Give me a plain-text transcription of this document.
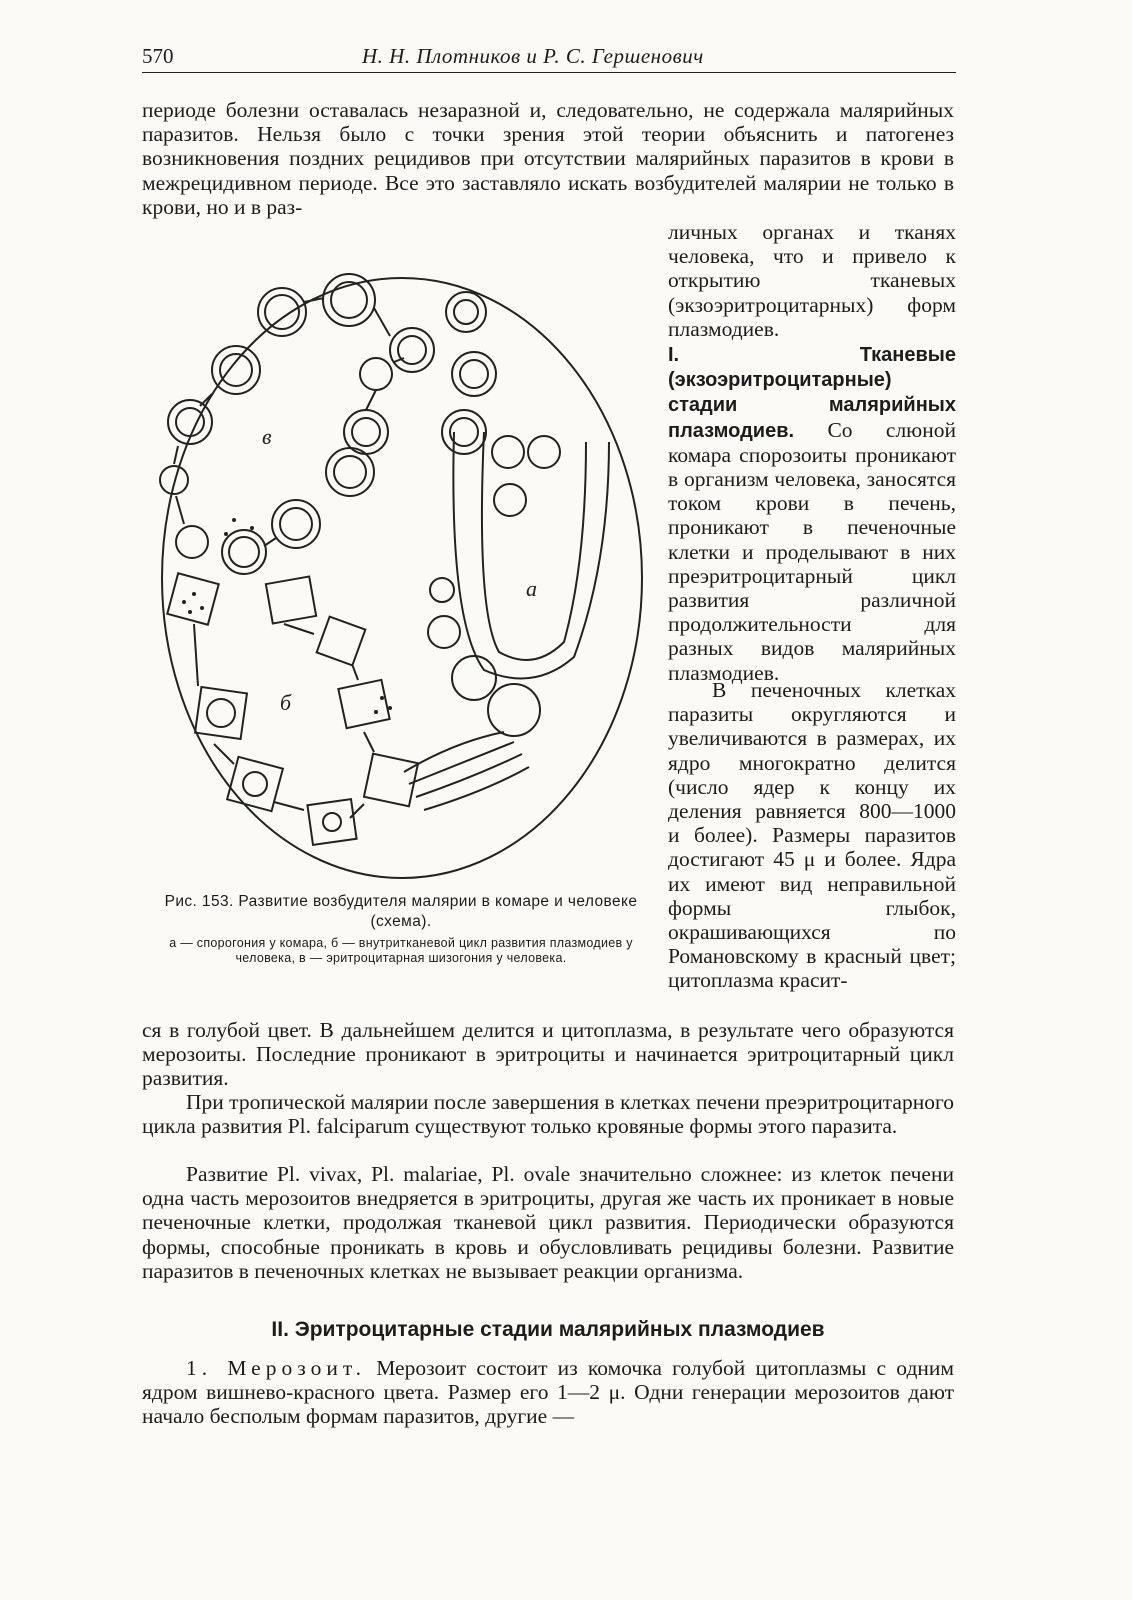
570	Н. Н. Плотников и Р. С. Гершенович
периоде болезни оставалась незаразной и, следовательно, не содержала малярийных паразитов. Нельзя было с точки зрения этой теории объяснить и патогенез возникновения поздних рецидивов при отсутствии малярийных паразитов в крови в межрецидивном периоде. Все это заставляло искать возбудителей малярии не только в крови, но и в раз-
личных органах и тканях человека, что и привело к открытию тканевых (экзоэритроцитарных) форм плазмодиев.
I. Тканевые (экзоэритроцитарные) стадии малярийных плазмодиев. Со слюной комара спорозоиты проникают в организм человека, заносятся током крови в печень, проникают в печеночные клетки и проделывают в них преэритроцитарный цикл развития различной продолжительности для разных видов малярийных плазмодиев.
В печеночных клетках паразиты округляются и увеличиваются в размерах, их ядро многократно делится (число ядер к концу их деления равняется 800—1000 и более). Размеры паразитов достигают 45 μ и более. Ядра их имеют вид неправильной формы глыбок, окрашивающихся по Романовскому в красный цвет; цитоплазма красит-
в
б
а
Рис. 153. Развитие возбудителя малярии в комаре и человеке (схема).
а — спорогония у комара, б — внутритканевой цикл развития плазмодиев у человека, в — эритроцитарная шизогония у человека.
ся в голубой цвет. В дальнейшем делится и цитоплазма, в результате чего образуются мерозоиты. Последние проникают в эритроциты и начинается эритроцитарный цикл развития.
При тропической малярии после завершения в клетках печени преэритроцитарного цикла развития Pl. falciparum существуют только кровяные формы этого паразита.
Развитие Pl. vivax, Pl. malariae, Pl. ovale значительно сложнее: из клеток печени одна часть мерозоитов внедряется в эритроциты, другая же часть их проникает в новые печеночные клетки, продолжая тканевой цикл развития. Периодически образуются формы, способные проникать в кровь и обусловливать рецидивы болезни. Развитие паразитов в печеночных клетках не вызывает реакции организма.
II. Эритроцитарные стадии малярийных плазмодиев
1. Мерозоит. Мерозоит состоит из комочка голубой цитоплазмы с одним ядром вишнево-красного цвета. Размер его 1—2 μ. Одни генерации мерозоитов дают начало бесполым формам паразитов, другие —
